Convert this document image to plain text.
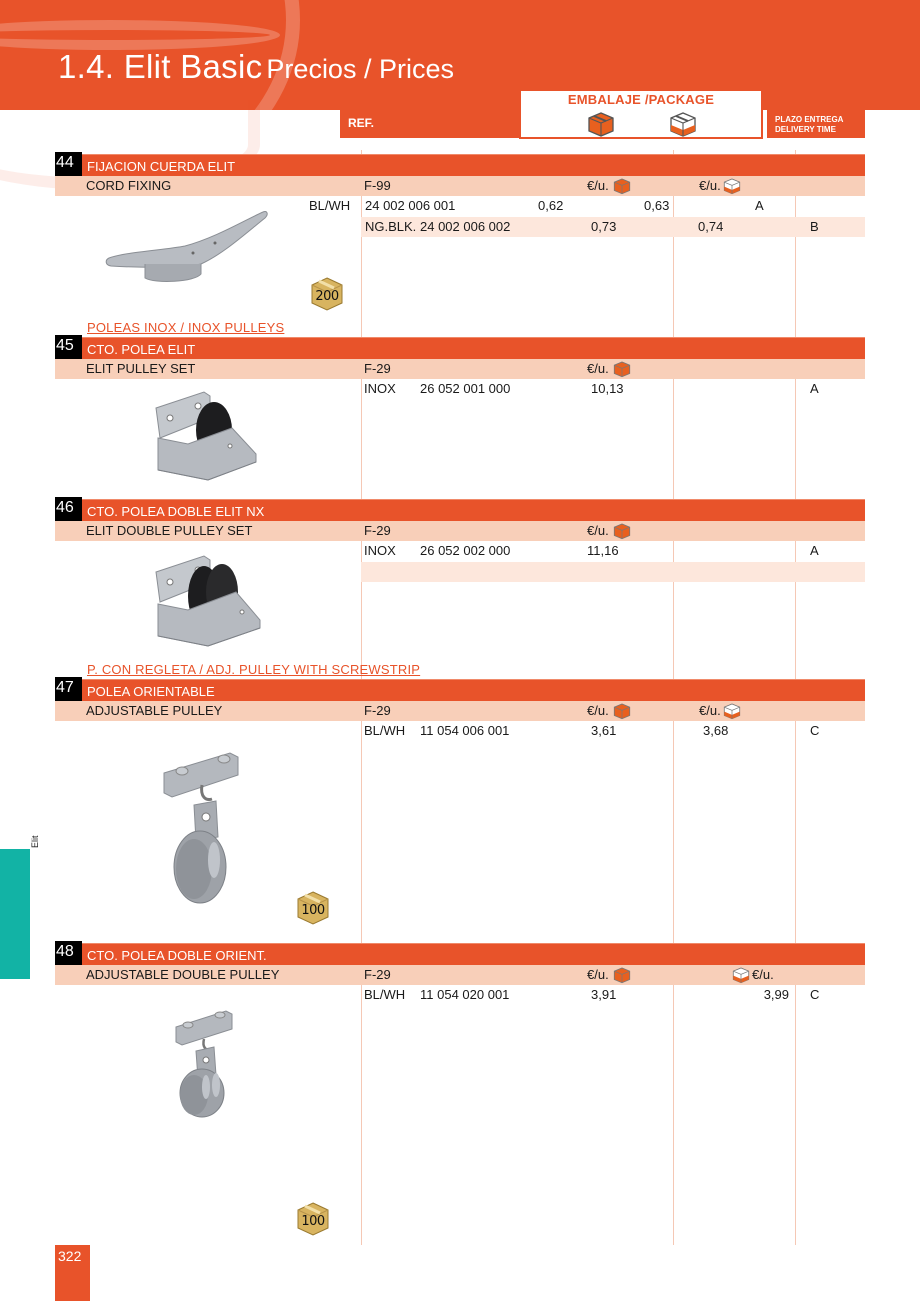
1.4. Elit Basic Precios / Prices
REF.
EMBALAJE /PACKAGE
PLAZO ENTREGA
DELIVERY TIME
44	FIJACION CUERDA ELIT
CORD FIXING	F-99	€/u.	€/u.
BL/WH 24 002 006 001	0,62	0,63	A
NG.BLK. 24 002 006 002	0,73	0,74	B
200
POLEAS INOX / INOX PULLEYS
45	CTO. POLEA ELIT
ELIT PULLEY SET	F-29	€/u.
INOX 26 052 001 000	10,13	A
46	CTO. POLEA DOBLE ELIT NX
ELIT DOUBLE PULLEY SET	F-29	€/u.
INOX 26 052 002 000	11,16	A
P. CON REGLETA / ADJ. PULLEY WITH SCREWSTRIP
47	POLEA ORIENTABLE
ADJUSTABLE PULLEY	F-29	€/u.	€/u.
BL/WH 11 054 006 001	3,61	3,68	C
100
Elit
48	CTO. POLEA DOBLE ORIENT.
ADJUSTABLE DOUBLE PULLEY	F-29	€/u.	€/u.
BL/WH 11 054 020 001	3,91	3,99 C
100
322
